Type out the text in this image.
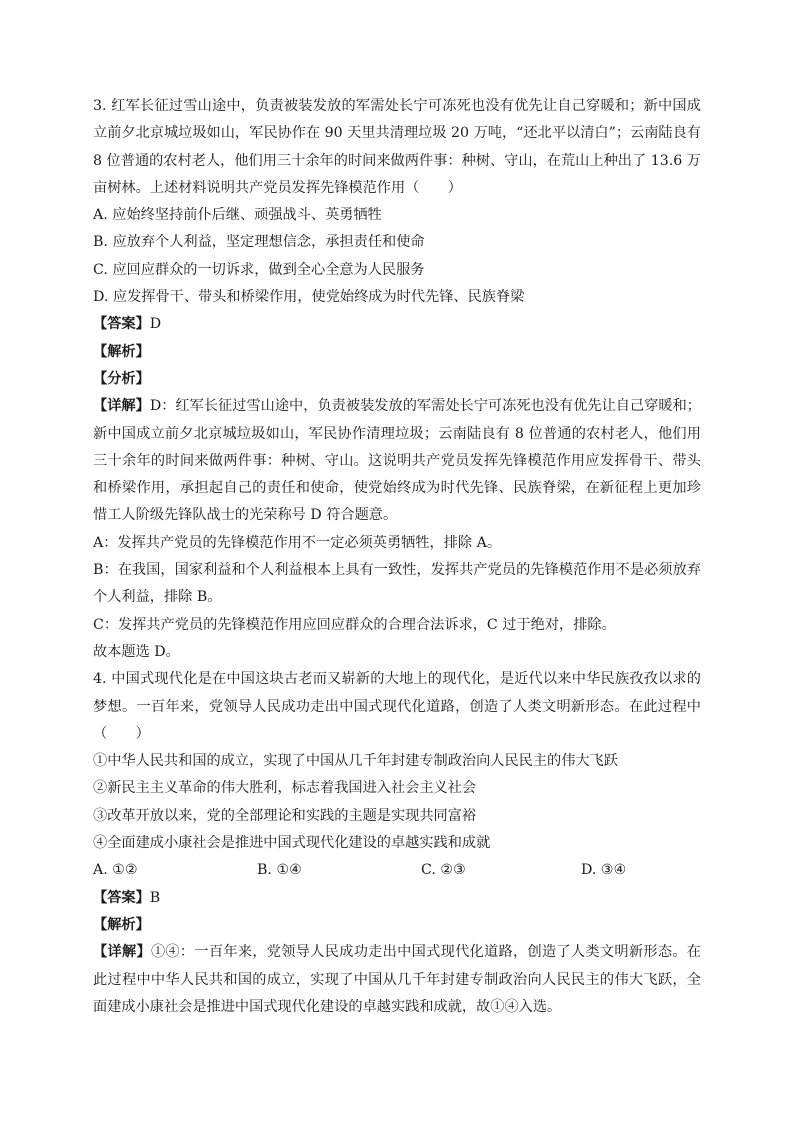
3. 红军长征过雪山途中，负责被装发放的军需处长宁可冻死也没有优先让自己穿暖和；新中国成立前夕北京城垃圾如山，军民协作在 90 天里共清理垃圾 20 万吨，“还北平以清白”；云南陆良有 8 位普通的农村老人，他们用三十余年的时间来做两件事：种树、守山，在荒山上种出了 13.6 万亩树林。上述材料说明共产党员发挥先锋模范作用（　　）

A. 应始终坚持前仆后继、顽强战斗、英勇牺牲

B. 应放弃个人利益，坚定理想信念，承担责任和使命

C. 应回应群众的一切诉求，做到全心全意为人民服务

D. 应发挥骨干、带头和桥梁作用，使党始终成为时代先锋、民族脊梁

【答案】D

【解析】

【分析】

【详解】D：红军长征过雪山途中，负责被装发放的军需处长宁可冻死也没有优先让自己穿暖和；新中国成立前夕北京城垃圾如山，军民协作清理垃圾；云南陆良有 8 位普通的农村老人，他们用三十余年的时间来做两件事：种树、守山。这说明共产党员发挥先锋模范作用应发挥骨干、带头和桥梁作用，承担起自己的责任和使命，使党始终成为时代先锋、民族脊梁，在新征程上更加珍惜工人阶级先锋队战士的光荣称号 D 符合题意。

A：发挥共产党员的先锋模范作用不一定必须英勇牺牲，排除 A。

B：在我国，国家利益和个人利益根本上具有一致性，发挥共产党员的先锋模范作用不是必须放弃个人利益，排除 B。

C：发挥共产党员的先锋模范作用应回应群众的合理合法诉求，C 过于绝对，排除。

故本题选 D。

4. 中国式现代化是在中国这块古老而又崭新的大地上的现代化，是近代以来中华民族孜孜以求的梦想。一百年来，党领导人民成功走出中国式现代化道路，创造了人类文明新形态。在此过程中（　　）

①中华人民共和国的成立，实现了中国从几千年封建专制政治向人民民主的伟大飞跃

②新民主主义革命的伟大胜利，标志着我国进入社会主义社会

③改革开放以来，党的全部理论和实践的主题是实现共同富裕

④全面建成小康社会是推进中国式现代化建设的卓越实践和成就

A. ①②	B. ①④	C. ②③	D. ③④

【答案】B

【解析】

【详解】①④：一百年来，党领导人民成功走出中国式现代化道路，创造了人类文明新形态。在此过程中中华人民共和国的成立，实现了中国从几千年封建专制政治向人民民主的伟大飞跃，全面建成小康社会是推进中国式现代化建设的卓越实践和成就，故①④入选。
